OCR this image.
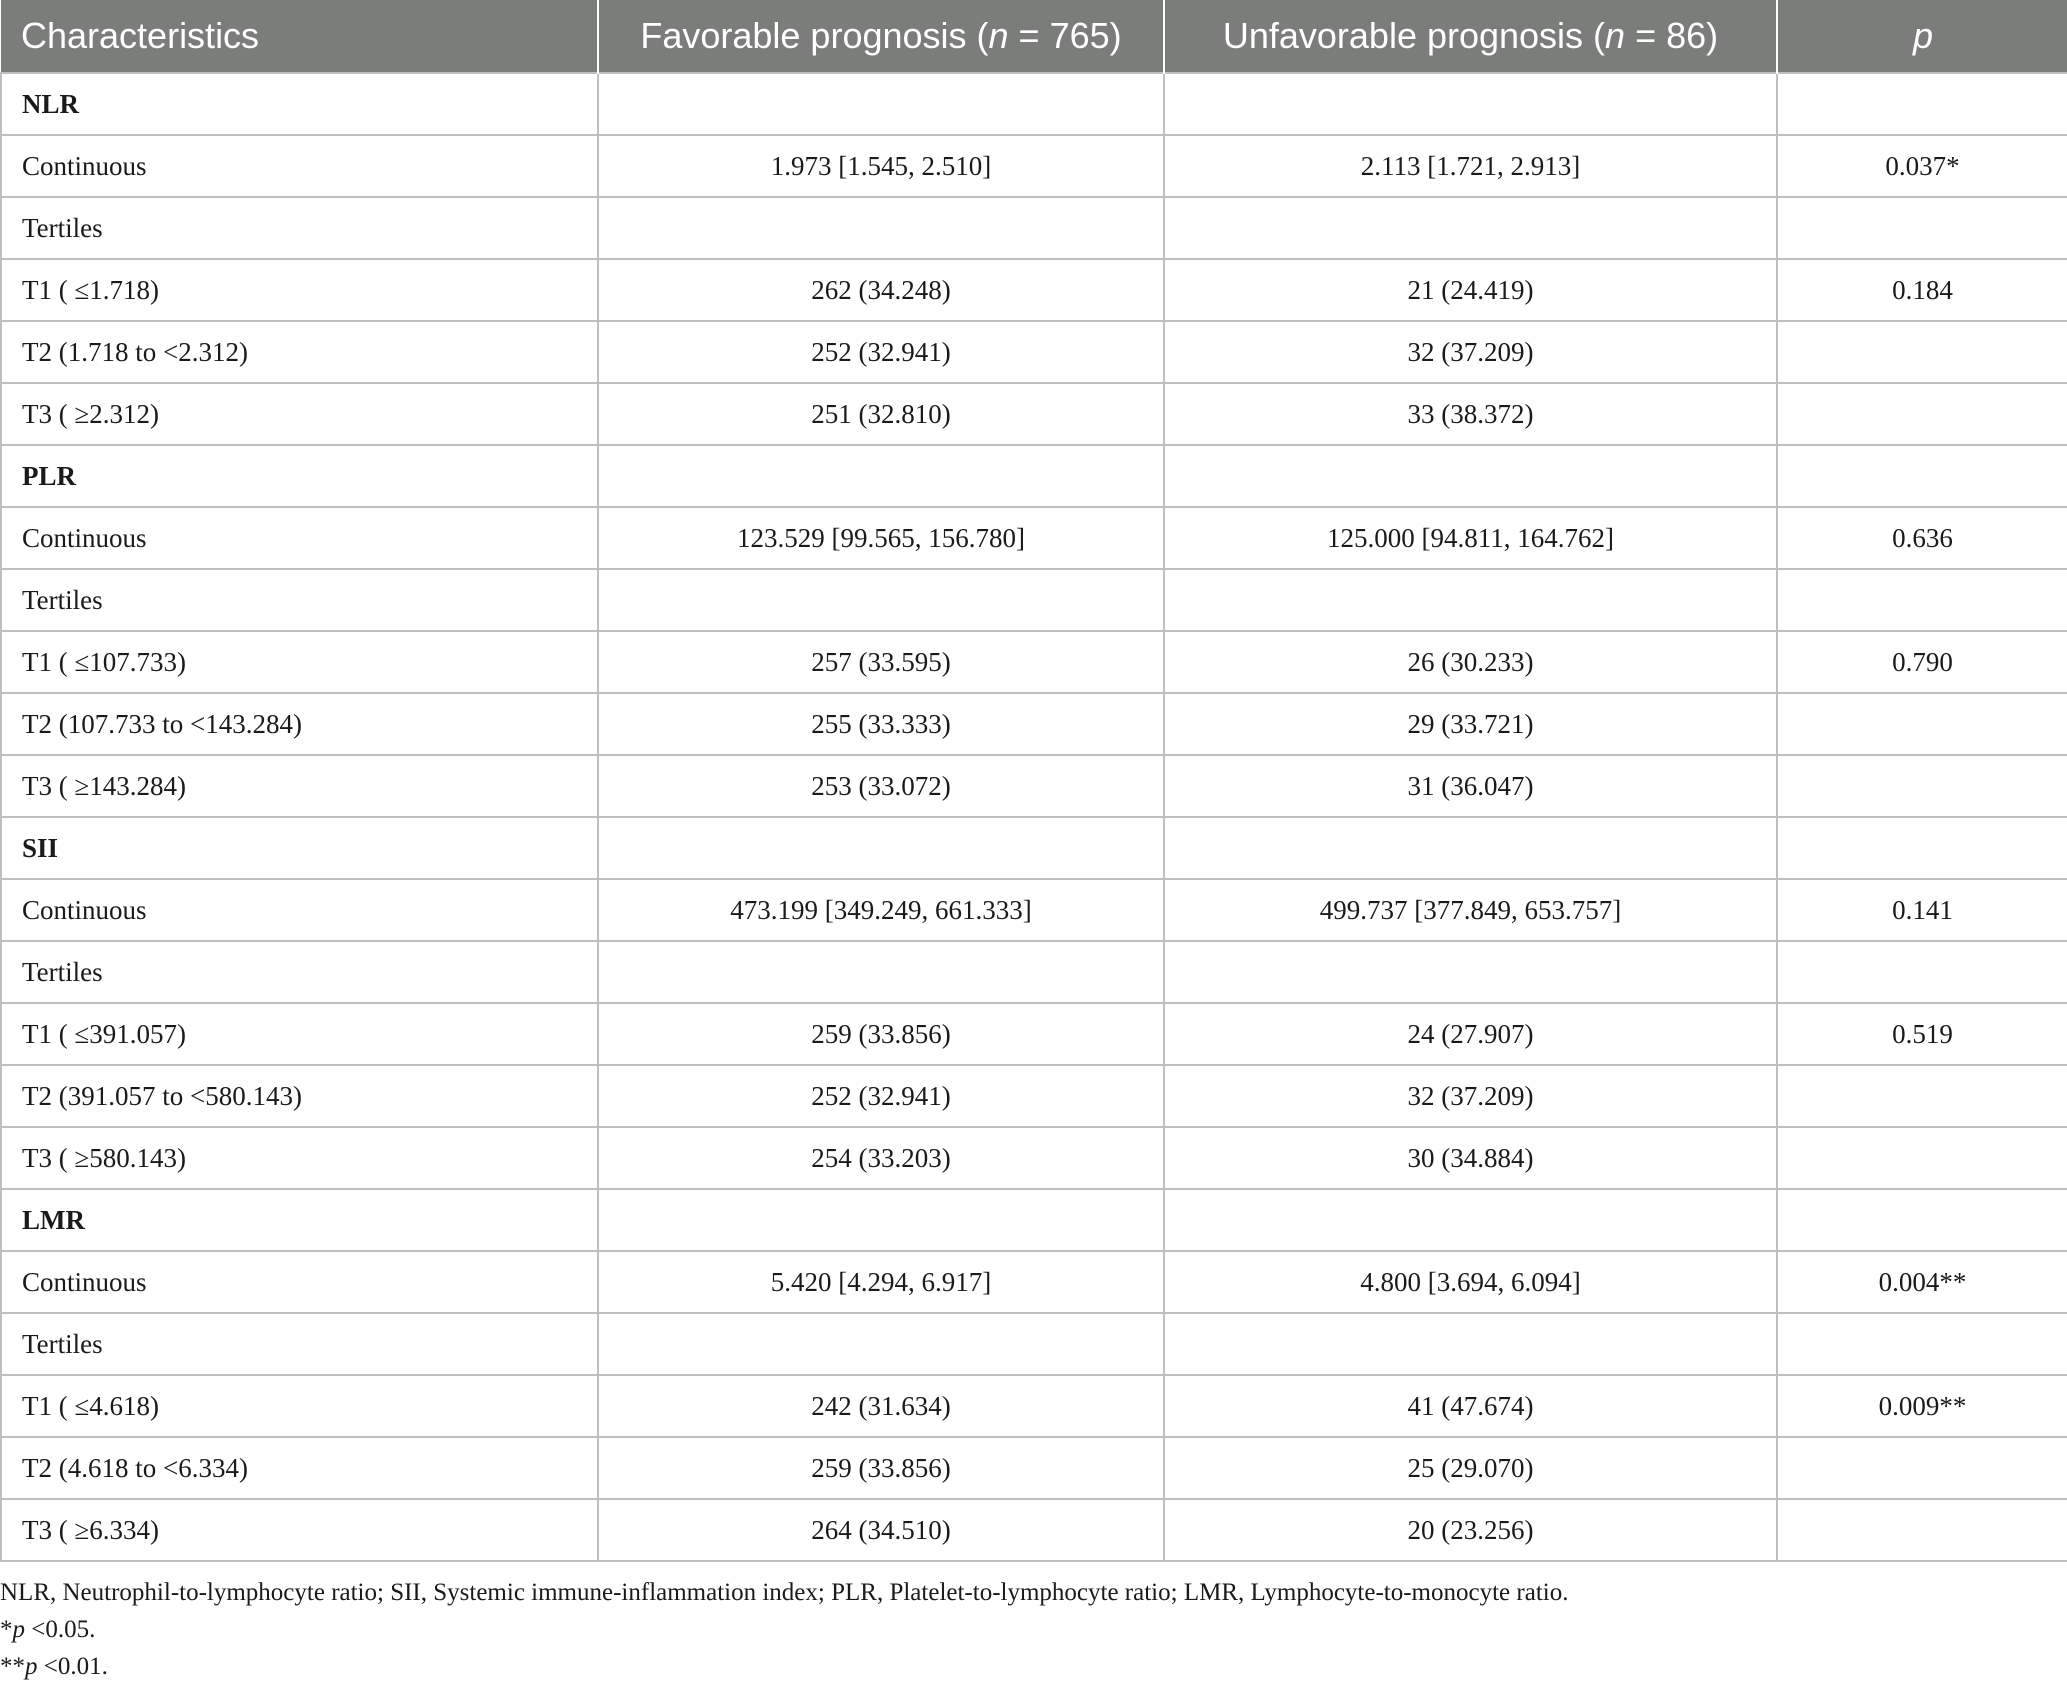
Characteristics	Favorable prognosis (n = 765)	Unfavorable prognosis (n = 86)	p
NLR			
Continuous	1.973 [1.545, 2.510]	2.113 [1.721, 2.913]	0.037*
Tertiles			
T1 ( ≤1.718)	262 (34.248)	21 (24.419)	0.184
T2 (1.718 to <2.312)	252 (32.941)	32 (37.209)	
T3 ( ≥2.312)	251 (32.810)	33 (38.372)	
PLR			
Continuous	123.529 [99.565, 156.780]	125.000 [94.811, 164.762]	0.636
Tertiles			
T1 ( ≤107.733)	257 (33.595)	26 (30.233)	0.790
T2 (107.733 to <143.284)	255 (33.333)	29 (33.721)	
T3 ( ≥143.284)	253 (33.072)	31 (36.047)	
SII			
Continuous	473.199 [349.249, 661.333]	499.737 [377.849, 653.757]	0.141
Tertiles			
T1 ( ≤391.057)	259 (33.856)	24 (27.907)	0.519
T2 (391.057 to <580.143)	252 (32.941)	32 (37.209)	
T3 ( ≥580.143)	254 (33.203)	30 (34.884)	
LMR			
Continuous	5.420 [4.294, 6.917]	4.800 [3.694, 6.094]	0.004**
Tertiles			
T1 ( ≤4.618)	242 (31.634)	41 (47.674)	0.009**
T2 (4.618 to <6.334)	259 (33.856)	25 (29.070)	
T3 ( ≥6.334)	264 (34.510)	20 (23.256)	
NLR, Neutrophil-to-lymphocyte ratio; SII, Systemic immune-inflammation index; PLR, Platelet-to-lymphocyte ratio; LMR, Lymphocyte-to-monocyte ratio.
*p <0.05.
**p <0.01.
